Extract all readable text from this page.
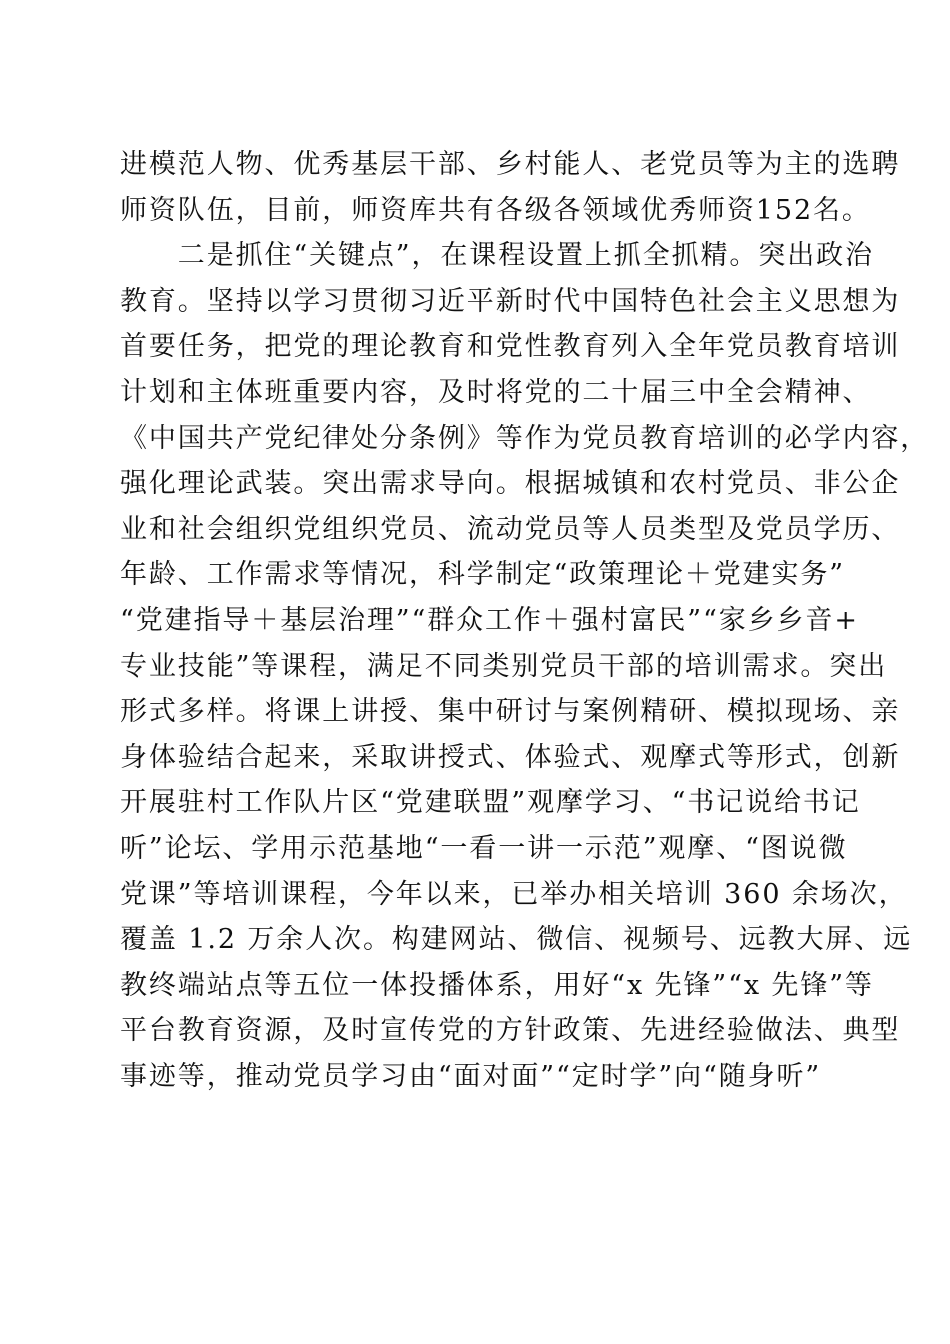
进模范人物、优秀基层干部、乡村能人、老党员等为主的选聘
师资队伍，目前，师资库共有各级各领域优秀师资152名。
　　二是抓住“关键点”，在课程设置上抓全抓精。突出政治
教育。坚持以学习贯彻习近平新时代中国特色社会主义思想为
首要任务，把党的理论教育和党性教育列入全年党员教育培训
计划和主体班重要内容，及时将党的二十届三中全会精神、
《中国共产党纪律处分条例》等作为党员教育培训的必学内容，
强化理论武装。突出需求导向。根据城镇和农村党员、非公企
业和社会组织党组织党员、流动党员等人员类型及党员学历、
年龄、工作需求等情况，科学制定“政策理论＋党建实务”
“党建指导＋基层治理”“群众工作＋强村富民”“家乡乡音+
专业技能”等课程，满足不同类别党员干部的培训需求。突出
形式多样。将课上讲授、集中研讨与案例精研、模拟现场、亲
身体验结合起来，采取讲授式、体验式、观摩式等形式，创新
开展驻村工作队片区“党建联盟”观摩学习、“书记说给书记
听”论坛、学用示范基地“一看一讲一示范”观摩、“图说微
党课”等培训课程，今年以来，已举办相关培训 360 余场次，
覆盖 1.2 万余人次。构建网站、微信、视频号、远教大屏、远
教终端站点等五位一体投播体系，用好“x 先锋”“x 先锋”等
平台教育资源，及时宣传党的方针政策、先进经验做法、典型
事迹等，推动党员学习由“面对面”“定时学”向“随身听”
